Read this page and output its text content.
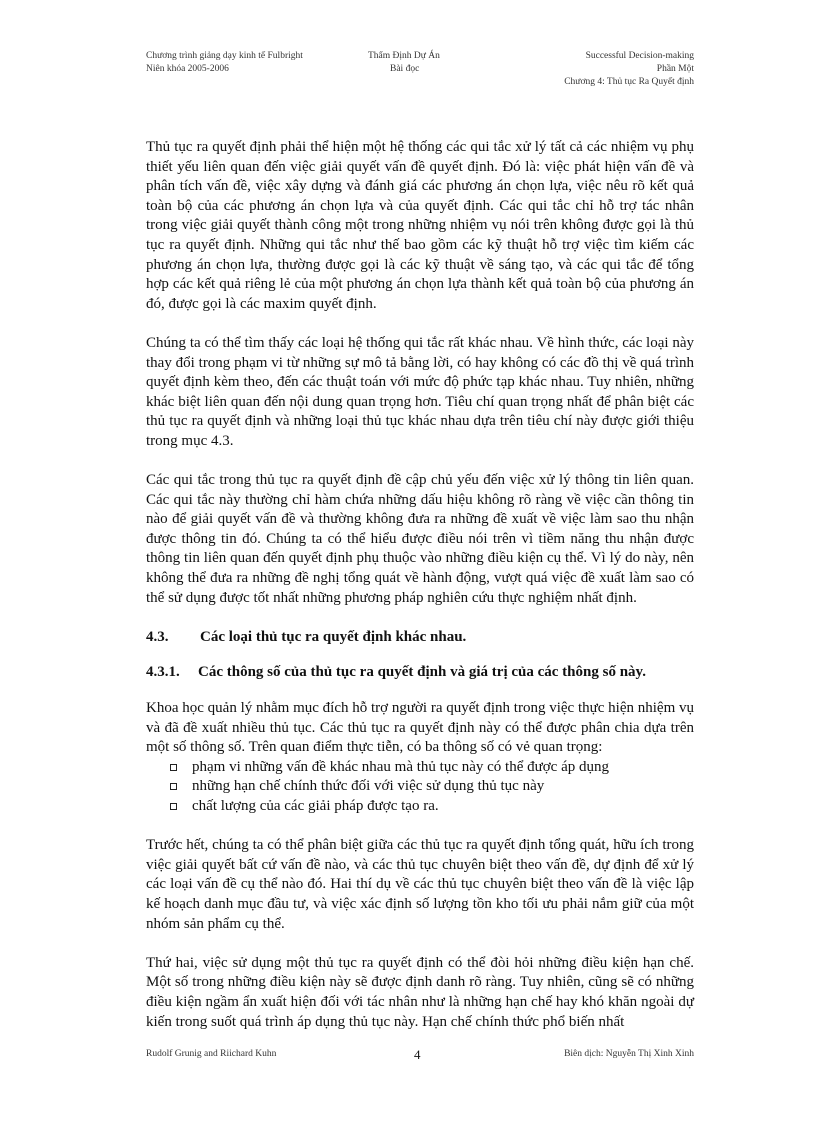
Chương trình giảng dạy kinh tế Fulbright
Niên khóa 2005-2006
Thẩm Định Dự Án
Bài đọc
Successful Decision-making
Phần Một
Chương 4: Thủ tục Ra Quyết định

Thủ tục ra quyết định phải thể hiện một hệ thống các qui tắc xử lý tất cả các nhiệm vụ phụ thiết yếu liên quan đến việc giải quyết vấn đề quyết định. Đó là: việc phát hiện vấn đề và phân tích vấn đề, việc xây dựng và đánh giá các phương án chọn lựa, việc nêu rõ kết quả toàn bộ của các phương án chọn lựa và của quyết định. Các qui tắc chỉ hỗ trợ tác nhân trong việc giải quyết thành công một trong những nhiệm vụ nói trên không được gọi là thủ tục ra quyết định. Những qui tắc như thế bao gồm các kỹ thuật hỗ trợ việc tìm kiếm các phương án chọn lựa, thường được gọi là các kỹ thuật về sáng tạo, và các qui tắc để tổng hợp các kết quả riêng lẻ của một phương án chọn lựa thành kết quả toàn bộ của phương án đó, được gọi là các maxim quyết định.

Chúng ta có thể tìm thấy các loại hệ thống qui tắc rất khác nhau. Về hình thức, các loại này thay đổi trong phạm vi từ những sự mô tả bằng lời, có hay không có các đồ thị về quá trình quyết định kèm theo, đến các thuật toán với mức độ phức tạp khác nhau. Tuy nhiên, những khác biệt liên quan đến nội dung quan trọng hơn. Tiêu chí quan trọng nhất để phân biệt các thủ tục ra quyết định và những loại thủ tục khác nhau dựa trên tiêu chí này được giới thiệu trong mục 4.3.

Các qui tắc trong thủ tục ra quyết định đề cập chủ yếu đến việc xử lý thông tin liên quan. Các qui tắc này thường chỉ hàm chứa những dấu hiệu không rõ ràng về việc cần thông tin nào để giải quyết vấn đề và thường không đưa ra những đề xuất về việc làm sao thu nhận được thông tin đó. Chúng ta có thể hiểu được điều nói trên vì tiềm năng thu nhận được thông tin liên quan đến quyết định phụ thuộc vào những điều kiện cụ thể. Vì lý do này, nên không thể đưa ra những đề nghị tổng quát về hành động, vượt quá việc đề xuất làm sao có thể sử dụng được tốt nhất những phương pháp nghiên cứu thực nghiệm nhất định.

4.3. Các loại thủ tục ra quyết định khác nhau.
4.3.1. Các thông số của thủ tục ra quyết định và giá trị của các thông số này.

Khoa học quản lý nhằm mục đích hỗ trợ người ra quyết định trong việc thực hiện nhiệm vụ và đã đề xuất nhiều thủ tục. Các thủ tục ra quyết định này có thể được phân chia dựa trên một số thông số. Trên quan điểm thực tiễn, có ba thông số có vẻ quan trọng:

phạm vi những vấn đề khác nhau mà thủ tục này có thể được áp dụng
những hạn chế chính thức đối với việc sử dụng thủ tục này
chất lượng của các giải pháp được tạo ra.

Trước hết, chúng ta có thể phân biệt giữa các thủ tục ra quyết định tổng quát, hữu ích trong việc giải quyết bất cứ vấn đề nào, và các thủ tục chuyên biệt theo vấn đề, dự định để xử lý các loại vấn đề cụ thể nào đó. Hai thí dụ về các thủ tục chuyên biệt theo vấn đề là việc lập kế hoạch danh mục đầu tư, và việc xác định số lượng tồn kho tối ưu phải nắm giữ của một nhóm sản phẩm cụ thể.

Thứ hai, việc sử dụng một thủ tục ra quyết định có thể đòi hỏi những điều kiện hạn chế. Một số trong những điều kiện này sẽ được định danh rõ ràng. Tuy nhiên, cũng sẽ có những điều kiện ngầm ẩn xuất hiện đối với tác nhân như là những hạn chế hay khó khăn ngoài dự kiến trong suốt quá trình áp dụng thủ tục này. Hạn chế chính thức phổ biến nhất

Rudolf Grunig and Riichard Kuhn	4	Biên dịch: Nguyễn Thị Xinh Xinh
